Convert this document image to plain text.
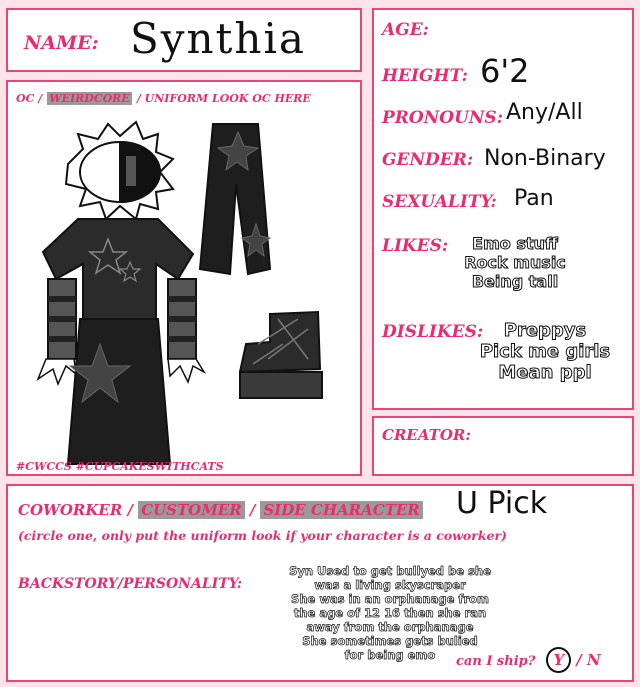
NAME: Synthia
OC / WEIRDCORE / UNIFORM LOOK OC HERE
#CWCCS #CUPCAKESWITHCATS
AGE:
HEIGHT: 6'2
PRONOUNS: Any/All
GENDER: Non-Binary
SEXUALITY: Pan
LIKES:	Emo stuff
Rock music
Being tall
DISLIKES:	Preppys
Pick me girls
Mean ppl
CREATOR:
COWORKER / CUSTOMER / SIDE CHARACTER U Pick
(circle one, only put the uniform look if your character is a coworker)
BACKSTORY/PERSONALITY:
Syn Used to get bullyed be she
was a living skyscraper
She was in an orphanage from
the age of 12 16 then she ran
away from the orphanage
She sometimes gets bulied
for being emo	can I ship? Y / N
